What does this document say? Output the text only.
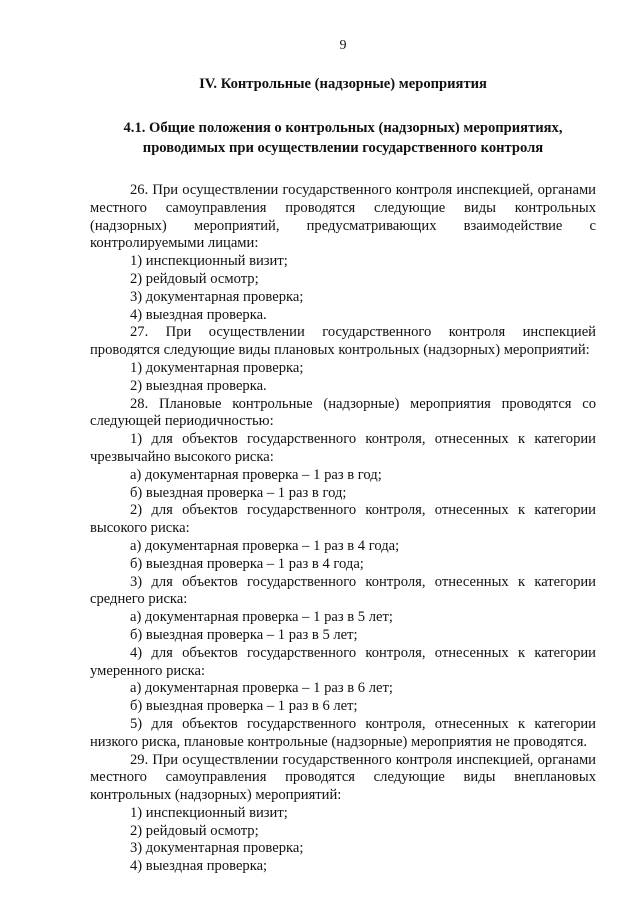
9
IV. Контрольные (надзорные) мероприятия
4.1. Общие положения о контрольных (надзорных) мероприятиях,
проводимых при осуществлении государственного контроля
26. При осуществлении государственного контроля инспекцией, органами местного самоуправления проводятся следующие виды контрольных (надзорных) мероприятий, предусматривающих взаимодействие с контролируемыми лицами:
1) инспекционный визит;
2) рейдовый осмотр;
3) документарная проверка;
4) выездная проверка.
27. При осуществлении государственного контроля инспекцией проводятся следующие виды плановых контрольных (надзорных) мероприятий:
1) документарная проверка;
2) выездная проверка.
28. Плановые контрольные (надзорные) мероприятия проводятся со следующей периодичностью:
1) для объектов государственного контроля, отнесенных к категории чрезвычайно высокого риска:
а) документарная проверка – 1 раз в год;
б) выездная проверка – 1 раз в год;
2) для объектов государственного контроля, отнесенных к категории высокого риска:
а) документарная проверка – 1 раз в 4 года;
б) выездная проверка – 1 раз в 4 года;
3) для объектов государственного контроля, отнесенных к категории среднего риска:
а) документарная проверка – 1 раз в 5 лет;
б) выездная проверка – 1 раз в 5 лет;
4) для объектов государственного контроля, отнесенных к категории умеренного риска:
а) документарная проверка – 1 раз в 6 лет;
б) выездная проверка – 1 раз в 6 лет;
5) для объектов государственного контроля, отнесенных к категории низкого риска, плановые контрольные (надзорные) мероприятия не проводятся.
29. При осуществлении государственного контроля инспекцией, органами местного самоуправления проводятся следующие виды внеплановых контрольных (надзорных) мероприятий:
1) инспекционный визит;
2) рейдовый осмотр;
3) документарная проверка;
4) выездная проверка;
